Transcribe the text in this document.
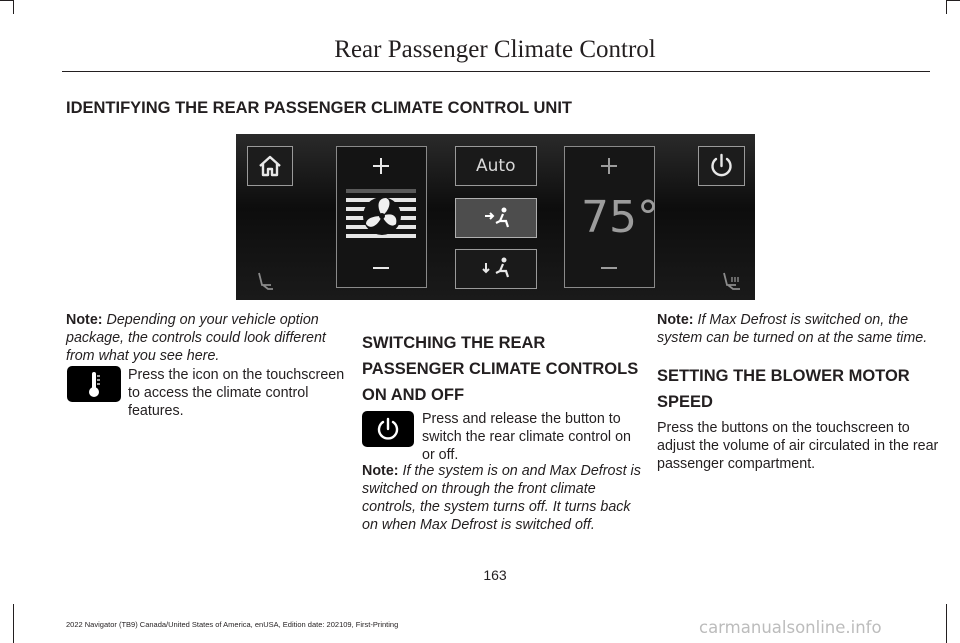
Rear Passenger Climate Control
IDENTIFYING THE REAR PASSENGER CLIMATE CONTROL UNIT
Auto
75°
Note: Depending on your vehicle option
package, the controls could look different
from what you see here.
Press the icon on the touchscreen
to access the climate control
features.
SWITCHING THE REAR
PASSENGER CLIMATE CONTROLS
ON AND OFF
Press and release the button to
switch the rear climate control on
or off.
Note: If the system is on and Max Defrost is
switched on through the front climate
controls, the system turns off. It turns back
on when Max Defrost is switched off.
Note: If Max Defrost is switched on, the
system can be turned on at the same time.
SETTING THE BLOWER MOTOR
SPEED
Press the buttons on the touchscreen to
adjust the volume of air circulated in the rear
passenger compartment.
163
2022 Navigator (TB9) Canada/United States of America, enUSA, Edition date: 202109, First-Printing	carmanualsonline.info
